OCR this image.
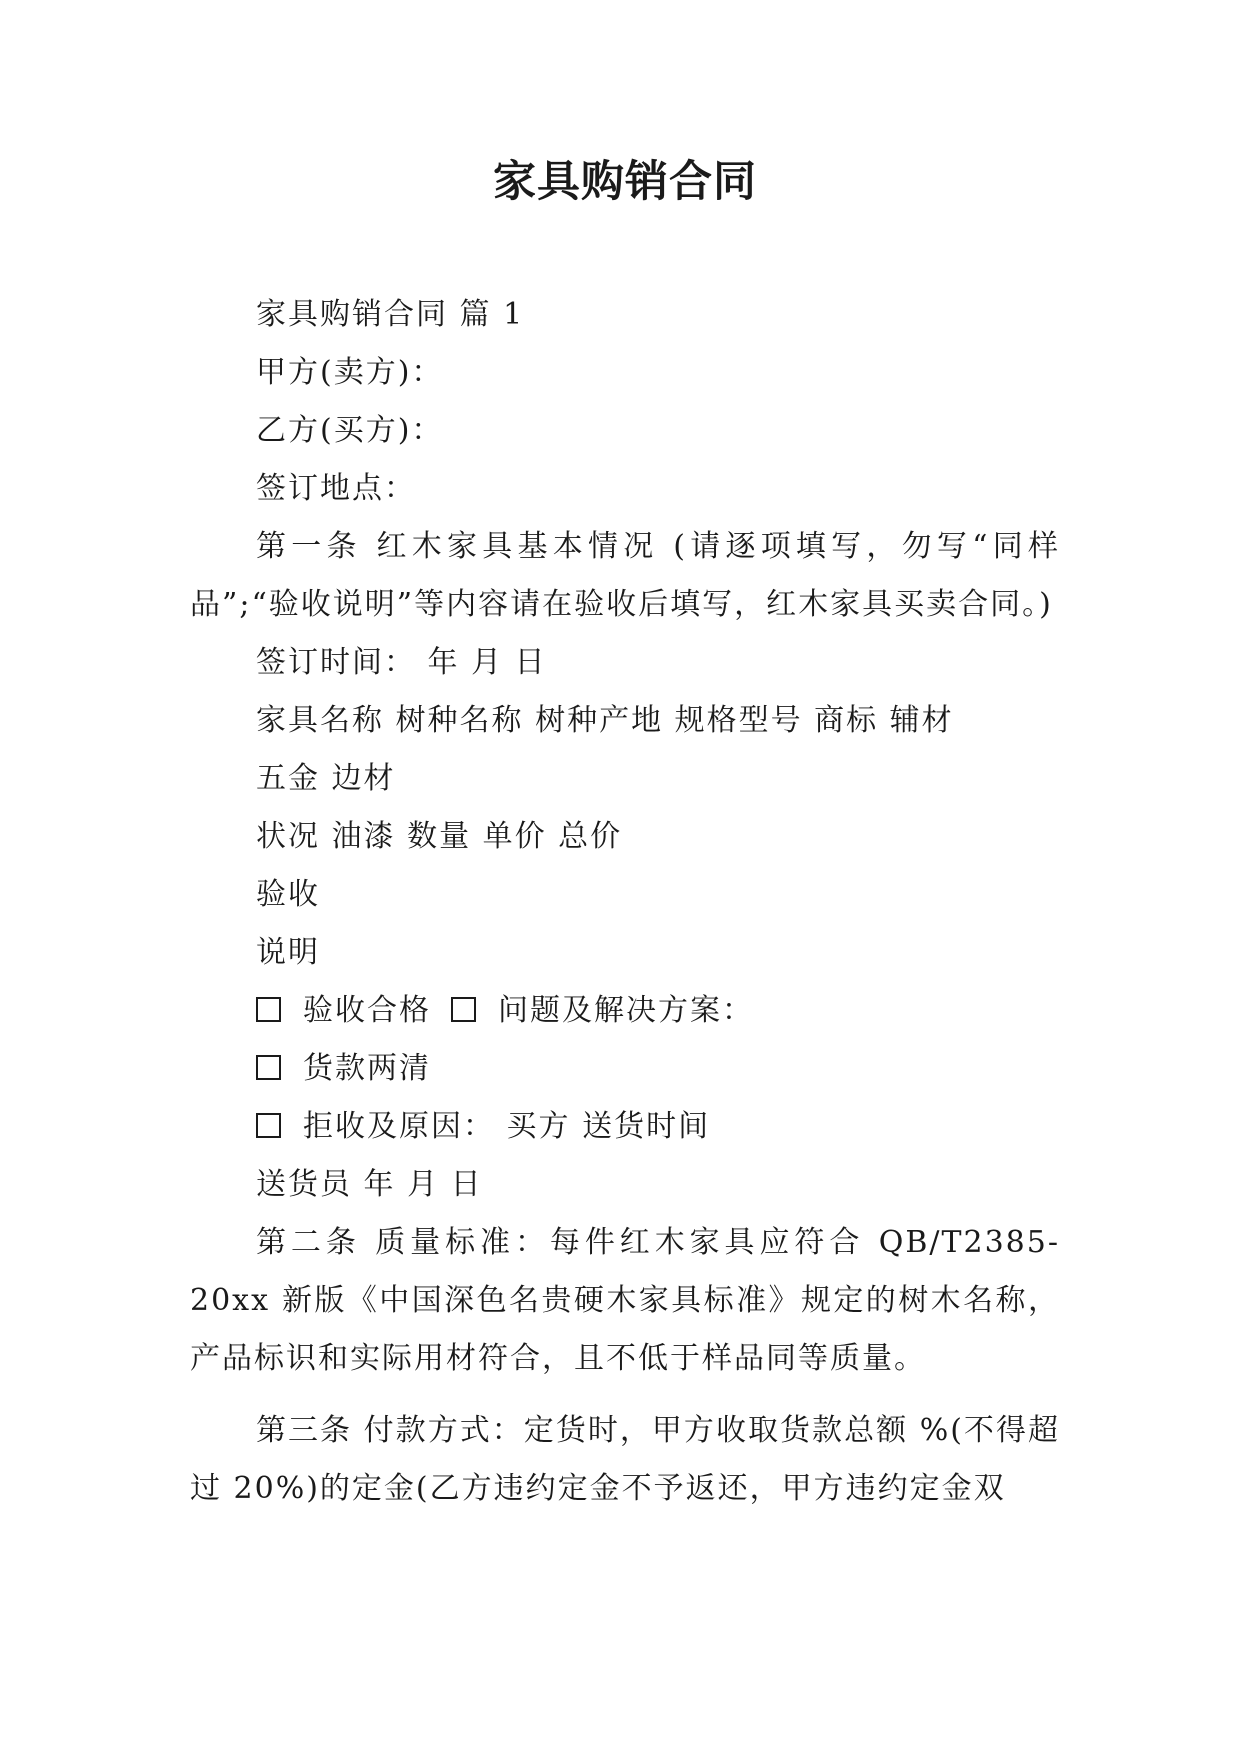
家具购销合同

家具购销合同 篇 1

甲方(卖方)：

乙方(买方)：

签订地点：

第一条 红木家具基本情况 (请逐项填写，勿写“同样品”;“验收说明”等内容请在验收后填写，红木家具买卖合同。)

签订时间： 年 月 日

家具名称 树种名称 树种产地 规格型号 商标 辅材

五金 边材

状况 油漆 数量 单价 总价

验收

说明

验收合格 问题及解决方案：

货款两清

拒收及原因： 买方 送货时间

送货员 年 月 日

第二条 质量标准：每件红木家具应符合 QB/T2385-20xx 新版《中国深色名贵硬木家具标准》规定的树木名称，产品标识和实际用材符合，且不低于样品同等质量。

第三条 付款方式：定货时，甲方收取货款总额 %(不得超过 20%)的定金(乙方违约定金不予返还，甲方违约定金双
